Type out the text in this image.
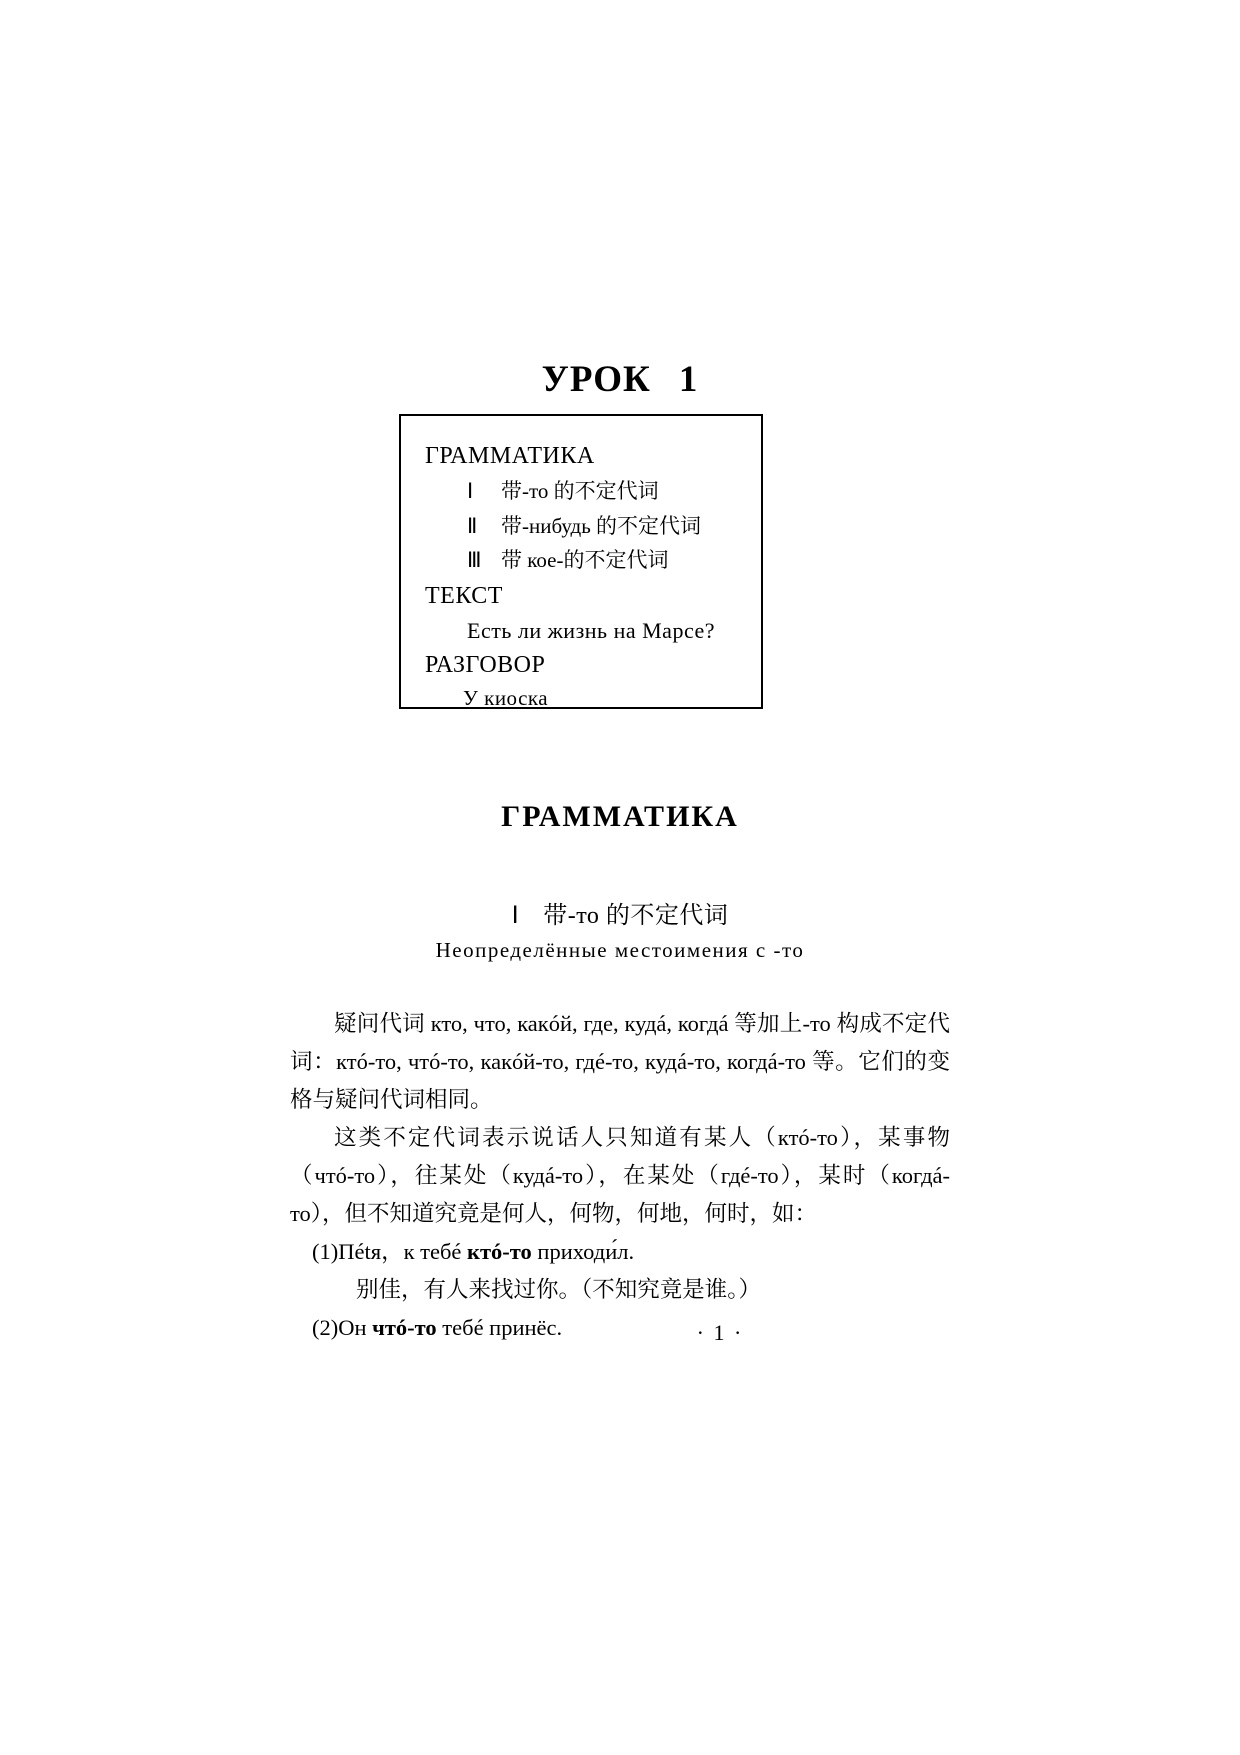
УРОК 1
ГРАММАТИКА
Ⅰ 带-то 的不定代词
Ⅱ 带-нибудь 的不定代词
Ⅲ 带 кое-的不定代词
ТЕКСТ
Есть ли жизнь на Марсе?
РАЗГОВОР
У киоска
ГРАММАТИКА
Ⅰ 带-то 的不定代词
Неопределённые местоимения с -то

疑问代词 кто, что, какóй, где, кудá, когдá 等加上-то 构成不定代词：ктó-то, чтó-то, какóй-то, гдé-то, кудá-то, когдá-то 等。它们的变格与疑问代词相同。

这类不定代词表示说话人只知道有某人（ктó-то），某事物（чтó-то），往某处（кудá-то），在某处（гдé-то），某时（когдá-то），但不知道究竟是何人，何物，何地，何时，如：

(1)Пétя，к тебé ктó-то приходи́л.

别佳，有人来找过你。（不知究竟是谁。）

(2)Он чтó-то тебé принёс.	· 1 ·
